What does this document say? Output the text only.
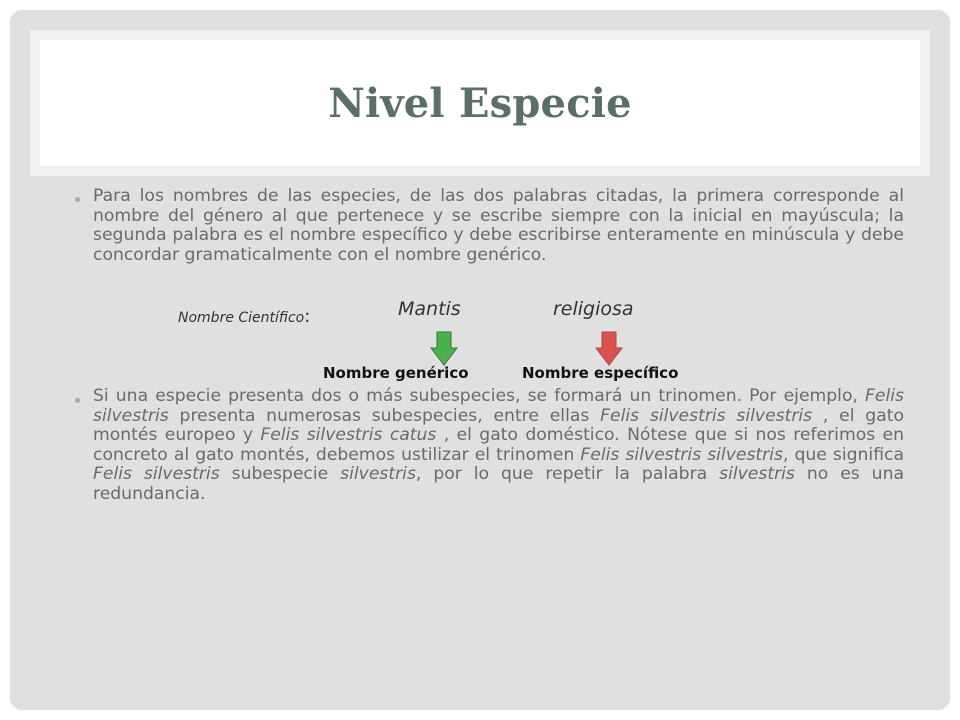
Nivel Especie
Para los nombres de las especies, de las dos palabras citadas, la primera corresponde al nombre del género al que pertenece y se escribe siempre con la inicial en mayúscula; la segunda palabra es el nombre específico y debe escribirse enteramente en minúscula y debe concordar gramaticalmente con el nombre genérico.
Nombre Científico:	Mantis	religiosa
Nombre genérico	Nombre específico
Si una especie presenta dos o más subespecies, se formará un trinomen. Por ejemplo, Felis silvestris presenta numerosas subespecies, entre ellas Felis silvestris silvestris , el gato montés europeo y Felis silvestris catus , el gato doméstico. Nótese que si nos referimos en concreto al gato montés, debemos ustilizar el trinomen Felis silvestris silvestris, que significa Felis silvestris subespecie silvestris, por lo que repetir la palabra silvestris no es una redundancia.
